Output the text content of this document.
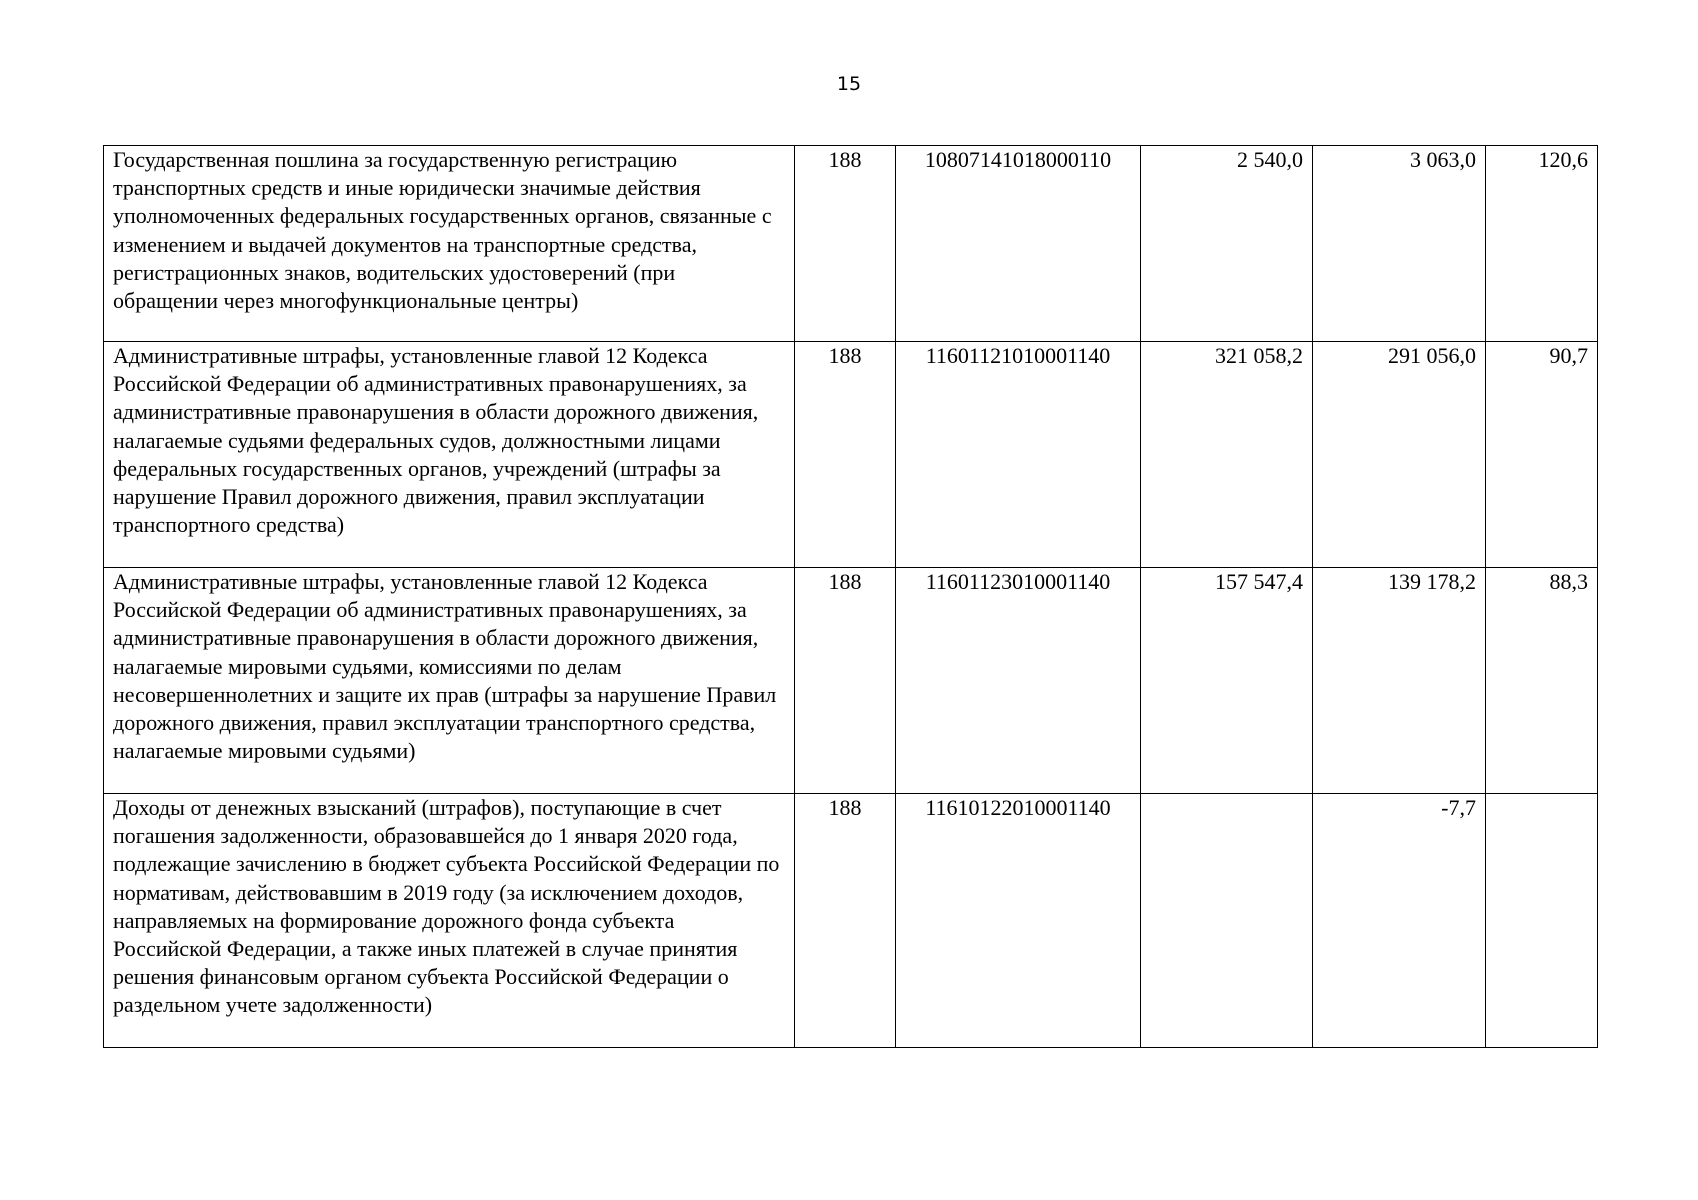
15
Государственная пошлина за государственную регистрацию транспортных средств и иные юридически значимые действия уполномоченных федеральных государственных органов, связанные с изменением и выдачей документов на транспортные средства, регистрационных знаков, водительских удостоверений (при обращении через многофункциональные центры)	188	10807141018000110	2 540,0	3 063,0	120,6
Административные штрафы, установленные главой 12 Кодекса Российской Федерации об административных правонарушениях, за административные правонарушения в области дорожного движения, налагаемые судьями федеральных судов, должностными лицами федеральных государственных органов, учреждений (штрафы за нарушение Правил дорожного движения, правил эксплуатации транспортного средства)	188	11601121010001140	321 058,2	291 056,0	90,7
Административные штрафы, установленные главой 12 Кодекса Российской Федерации об административных правонарушениях, за административные правонарушения в области дорожного движения, налагаемые мировыми судьями, комиссиями по делам несовершеннолетних и защите их прав (штрафы за нарушение Правил дорожного движения, правил эксплуатации транспортного средства, налагаемые мировыми судьями)	188	11601123010001140	157 547,4	139 178,2	88,3
Доходы от денежных взысканий (штрафов), поступающие в счет погашения задолженности, образовавшейся до 1 января 2020 года, подлежащие зачислению в бюджет субъекта Российской Федерации по нормативам, действовавшим в 2019 году (за исключением доходов, направляемых на формирование дорожного фонда субъекта Российской Федерации, а также иных платежей в случае принятия решения финансовым органом субъекта Российской Федерации о раздельном учете задолженности)	188	11610122010001140		-7,7	
